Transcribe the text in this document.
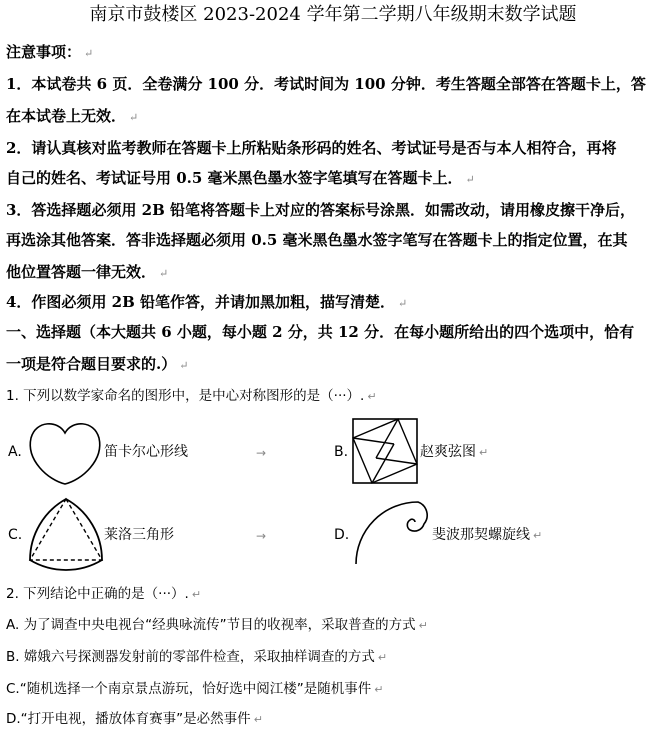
南京市鼓楼区 2023-2024 学年第二学期八年级期末数学试题
注意事项： ↵
1．本试卷共 6 页．全卷满分 100 分．考试时间为 100 分钟．考生答题全部答在答题卡上，答
在本试卷上无效． ↵
2．请认真核对监考教师在答题卡上所粘贴条形码的姓名、考试证号是否与本人相符合，再将
自己的姓名、考试证号用 0.5 毫米黑色墨水签字笔填写在答题卡上． ↵
3．答选择题必须用 2B 铅笔将答题卡上对应的答案标号涂黑．如需改动，请用橡皮擦干净后，
再选涂其他答案．答非选择题必须用 0.5 毫米黑色墨水签字笔写在答题卡上的指定位置，在其
他位置答题一律无效． ↵
4．作图必须用 2B 铅笔作答，并请加黑加粗，描写清楚． ↵
一、选择题（本大题共 6 小题，每小题 2 分，共 12 分．在每小题所给出的四个选项中，恰有
一项是符合题目要求的.） ↵
1. 下列以数学家命名的图形中，是中心对称图形的是（···）. ↵
A.	笛卡尔心形线	→	B.	赵爽弦图 ↵
C.	莱洛三角形	→	D.	斐波那契螺旋线 ↵
2. 下列结论中正确的是（···）. ↵
A. 为了调查中央电视台“经典咏流传”节目的收视率，采取普查的方式 ↵
B. 嫦娥六号探测器发射前的零部件检查，采取抽样调查的方式 ↵
C.“随机选择一个南京景点游玩，恰好选中阅江楼”是随机事件 ↵
D.“打开电视，播放体育赛事”是必然事件 ↵
